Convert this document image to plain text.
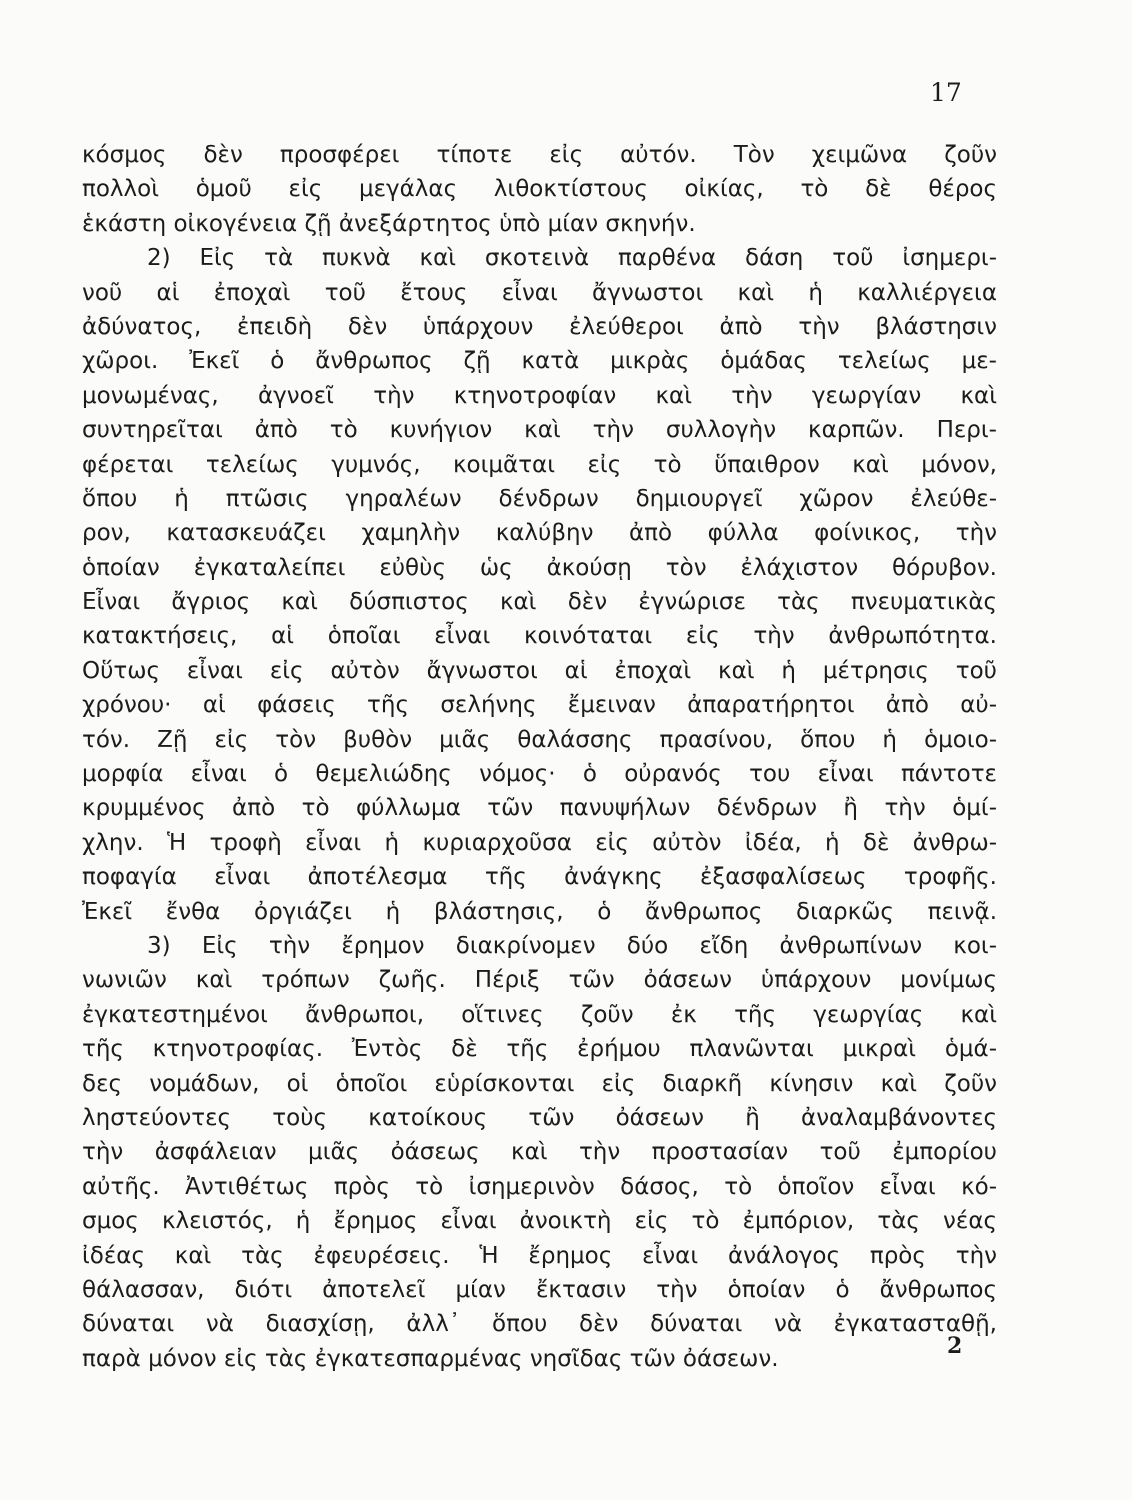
17
κόσμος δὲν προσφέρει τίποτε εἰς αὐτόν. Τὸν χειμῶνα ζοῦν
πολλοὶ ὁμοῦ εἰς μεγάλας λιθοκτίστους οἰκίας, τὸ δὲ θέρος
ἑκάστη οἰκογένεια ζῇ ἀνεξάρτητος ὑπὸ μίαν σκηνήν.
2) Εἰς τὰ πυκνὰ καὶ σκοτεινὰ παρθένα δάση τοῦ ἰσημερι-
νοῦ αἱ ἐποχαὶ τοῦ ἔτους εἶναι ἄγνωστοι καὶ ἡ καλλιέργεια
ἀδύνατος, ἐπειδὴ δὲν ὑπάρχουν ἐλεύθεροι ἀπὸ τὴν βλάστησιν
χῶροι. Ἐκεῖ ὁ ἄνθρωπος ζῇ κατὰ μικρὰς ὁμάδας τελείως με-
μονωμένας, ἀγνοεῖ τὴν κτηνοτροφίαν καὶ τὴν γεωργίαν καὶ
συντηρεῖται ἀπὸ τὸ κυνήγιον καὶ τὴν συλλογὴν καρπῶν. Περι-
φέρεται τελείως γυμνός, κοιμᾶται εἰς τὸ ὕπαιθρον καὶ μόνον,
ὅπου ἡ πτῶσις γηραλέων δένδρων δημιουργεῖ χῶρον ἐλεύθε-
ρον, κατασκευάζει χαμηλὴν καλύβην ἀπὸ φύλλα φοίνικος, τὴν
ὁποίαν ἐγκαταλείπει εὐθὺς ὡς ἀκούσῃ τὸν ἐλάχιστον θόρυβον.
Εἶναι ἄγριος καὶ δύσπιστος καὶ δὲν ἐγνώρισε τὰς πνευματικὰς
κατακτήσεις, αἱ ὁποῖαι εἶναι κοινόταται εἰς τὴν ἀνθρωπότητα.
Οὕτως εἶναι εἰς αὐτὸν ἄγνωστοι αἱ ἐποχαὶ καὶ ἡ μέτρησις τοῦ
χρόνου· αἱ φάσεις τῆς σελήνης ἔμειναν ἀπαρατήρητοι ἀπὸ αὐ-
τόν. Ζῇ εἰς τὸν βυθὸν μιᾶς θαλάσσης πρασίνου, ὅπου ἡ ὁμοιο-
μορφία εἶναι ὁ θεμελιώδης νόμος· ὁ οὐρανός του εἶναι πάντοτε
κρυμμένος ἀπὸ τὸ φύλλωμα τῶν πανυψήλων δένδρων ἢ τὴν ὁμί-
χλην. Ἡ τροφὴ εἶναι ἡ κυριαρχοῦσα εἰς αὐτὸν ἰδέα, ἡ δὲ ἀνθρω-
ποφαγία εἶναι ἀποτέλεσμα τῆς ἀνάγκης ἐξασφαλίσεως τροφῆς.
Ἐκεῖ ἔνθα ὀργιάζει ἡ βλάστησις, ὁ ἄνθρωπος διαρκῶς πεινᾷ.
3) Εἰς τὴν ἔρημον διακρίνομεν δύο εἴδη ἀνθρωπίνων κοι-
νωνιῶν καὶ τρόπων ζωῆς. Πέριξ τῶν ὀάσεων ὑπάρχουν μονίμως
ἐγκατεστημένοι ἄνθρωποι, οἵτινες ζοῦν ἐκ τῆς γεωργίας καὶ
τῆς κτηνοτροφίας. Ἐντὸς δὲ τῆς ἐρήμου πλανῶνται μικραὶ ὁμά-
δες νομάδων, οἱ ὁποῖοι εὑρίσκονται εἰς διαρκῆ κίνησιν καὶ ζοῦν
ληστεύοντες τοὺς κατοίκους τῶν ὀάσεων ἢ ἀναλαμβάνοντες
τὴν ἀσφάλειαν μιᾶς ὀάσεως καὶ τὴν προστασίαν τοῦ ἐμπορίου
αὐτῆς. Ἀντιθέτως πρὸς τὸ ἰσημερινὸν δάσος, τὸ ὁποῖον εἶναι κό-
σμος κλειστός, ἡ ἔρημος εἶναι ἀνοικτὴ εἰς τὸ ἐμπόριον, τὰς νέας
ἰδέας καὶ τὰς ἐφευρέσεις. Ἡ ἔρημος εἶναι ἀνάλογος πρὸς τὴν
θάλασσαν, διότι ἀποτελεῖ μίαν ἔκτασιν τὴν ὁποίαν ὁ ἄνθρωπος
δύναται νὰ διασχίσῃ, ἀλλ᾽ ὅπου δὲν δύναται νὰ ἐγκατασταθῇ,
παρὰ μόνον εἰς τὰς ἐγκατεσπαρμένας νησῖδας τῶν ὀάσεων.	2
